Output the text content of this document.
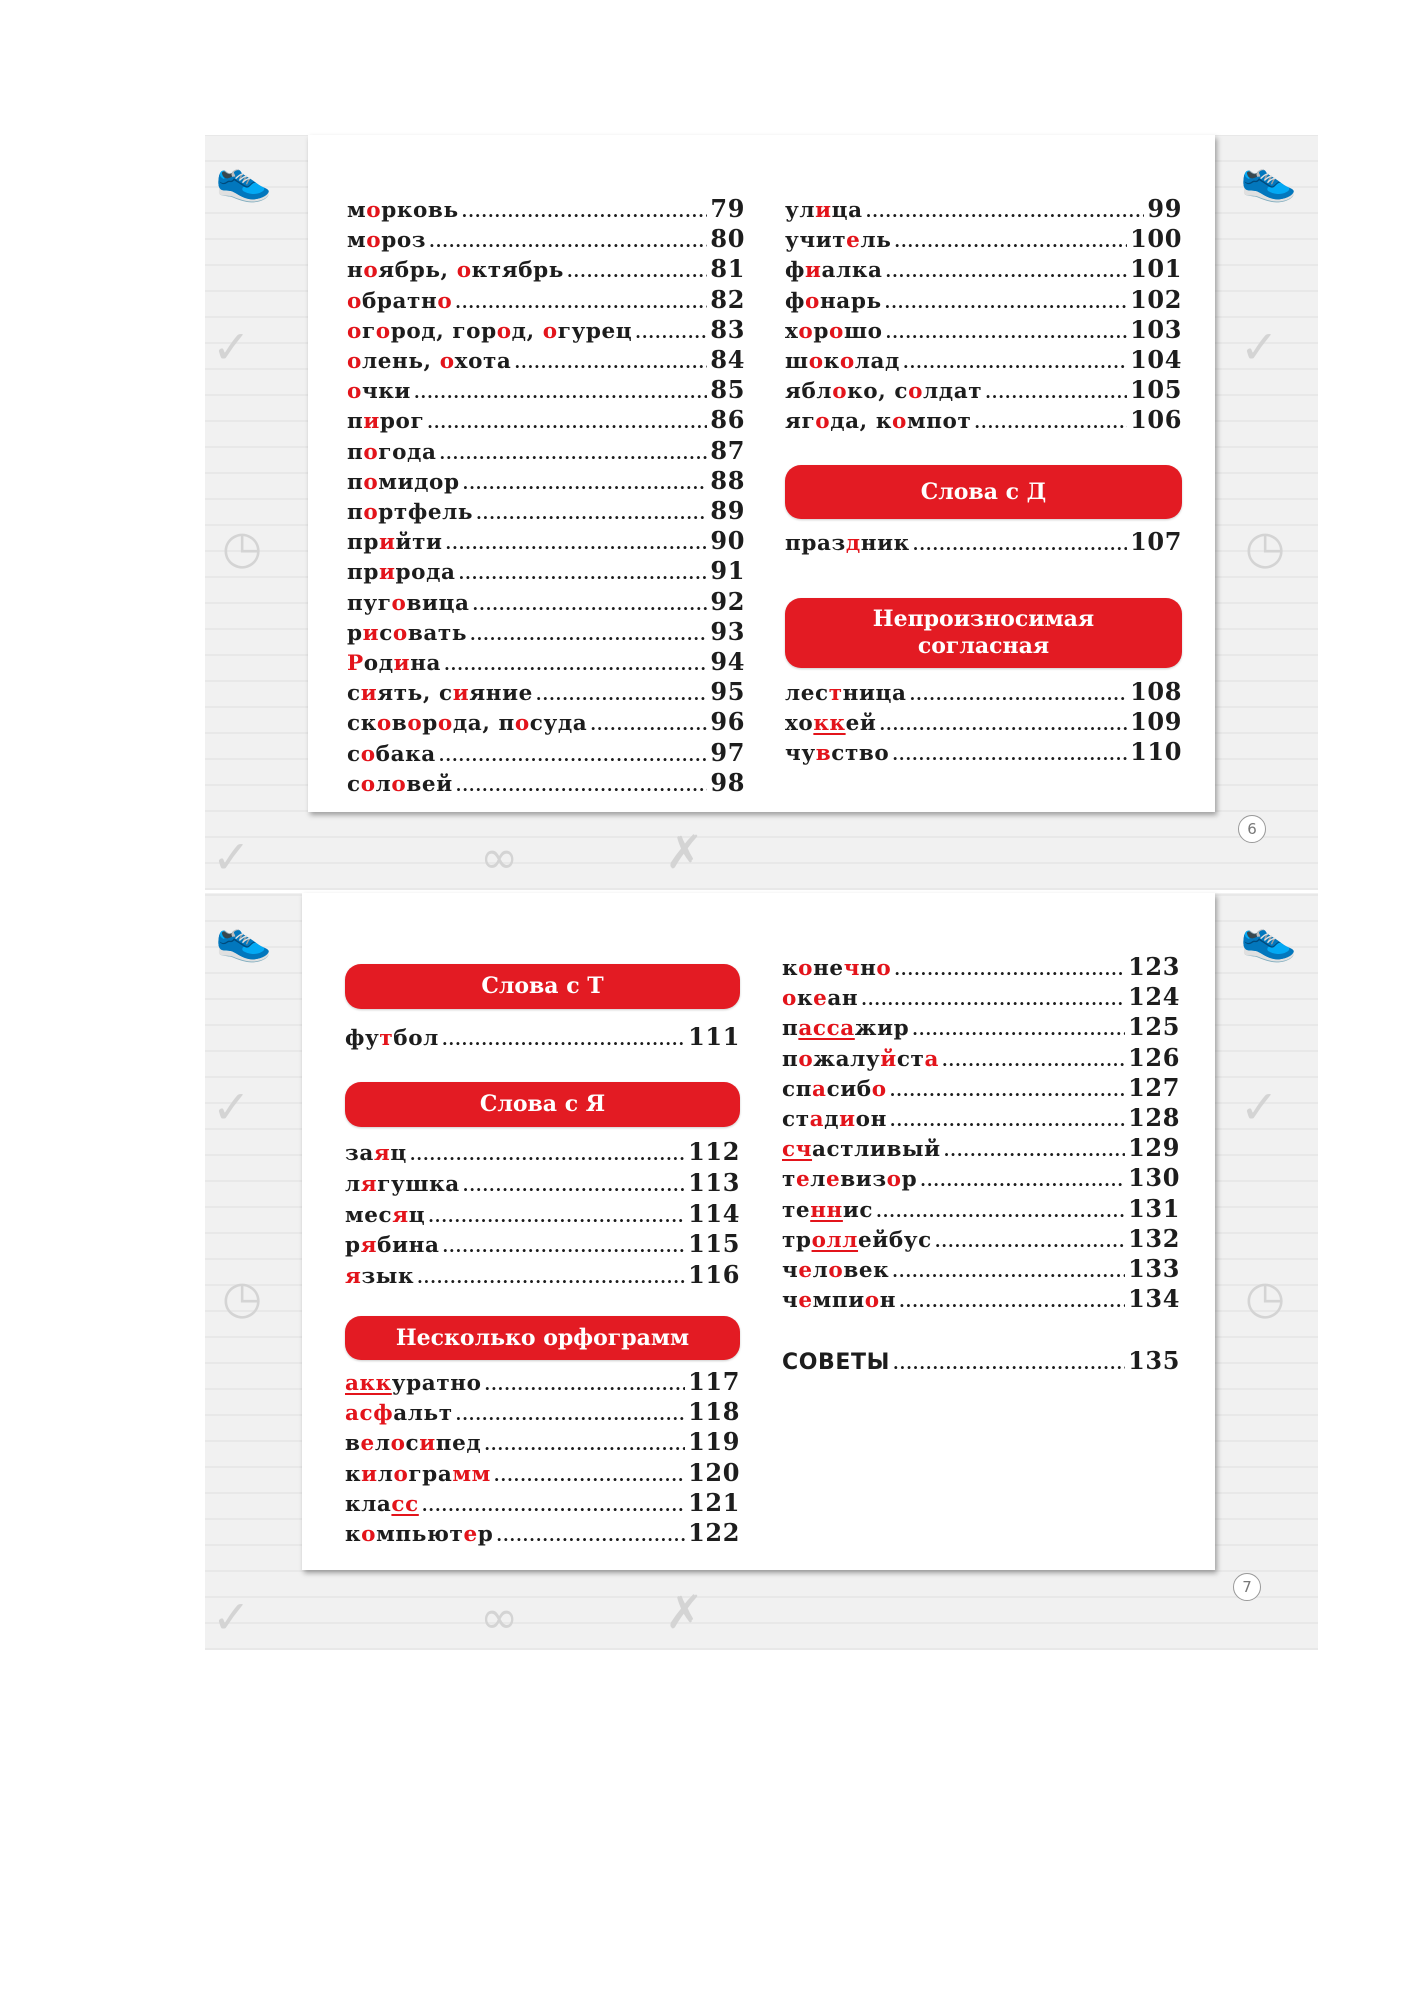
👟
✓
◷
✓	∞	✗
👟
✓
◷
👟
✓
◷
✓	∞	✗
👟
✓
◷
6
морковь .....	79
мороз .....	80
ноябрь, октябрь .....	81
обратно .....	82
огород, город, огурец .....	83
олень, охота .....	84
очки .....	85
пирог .....	86
погода .....	87
помидор .....	88
портфель .....	89
прийти .....	90
природа .....	91
пуговица .....	92
рисовать .....	93
Родина .....	94
сиять, сияние .....	95
сковорода, посуда .....	96
собака .....	97
соловей .....	98
улица .....	99
учитель .....	100
фиалка .....	101
фонарь .....	102
хорошо .....	103
шоколад .....	104
яблоко, солдат .....	105
ягода, компот .....	106
Слова с Д
праздник .....	107
Непроизносимая согласная
лестница .....	108
хоккей .....	109
чувство .....	110
7
Слова с Т
футбол .....	111
Слова с Я
заяц .....	112
лягушка .....	113
месяц .....	114
рябина .....	115
язык .....	116
Несколько орфограмм
аккуратно .....	117
асфальт .....	118
велосипед .....	119
килограмм .....	120
класс .....	121
компьютер .....	122
конечно .....	123
океан .....	124
пассажир .....	125
пожалуйста .....	126
спасибо .....	127
стадион .....	128
счастливый .....	129
телевизор .....	130
теннис .....	131
троллейбус .....	132
человек .....	133
чемпион .....	134
СОВЕТЫ .....	135
